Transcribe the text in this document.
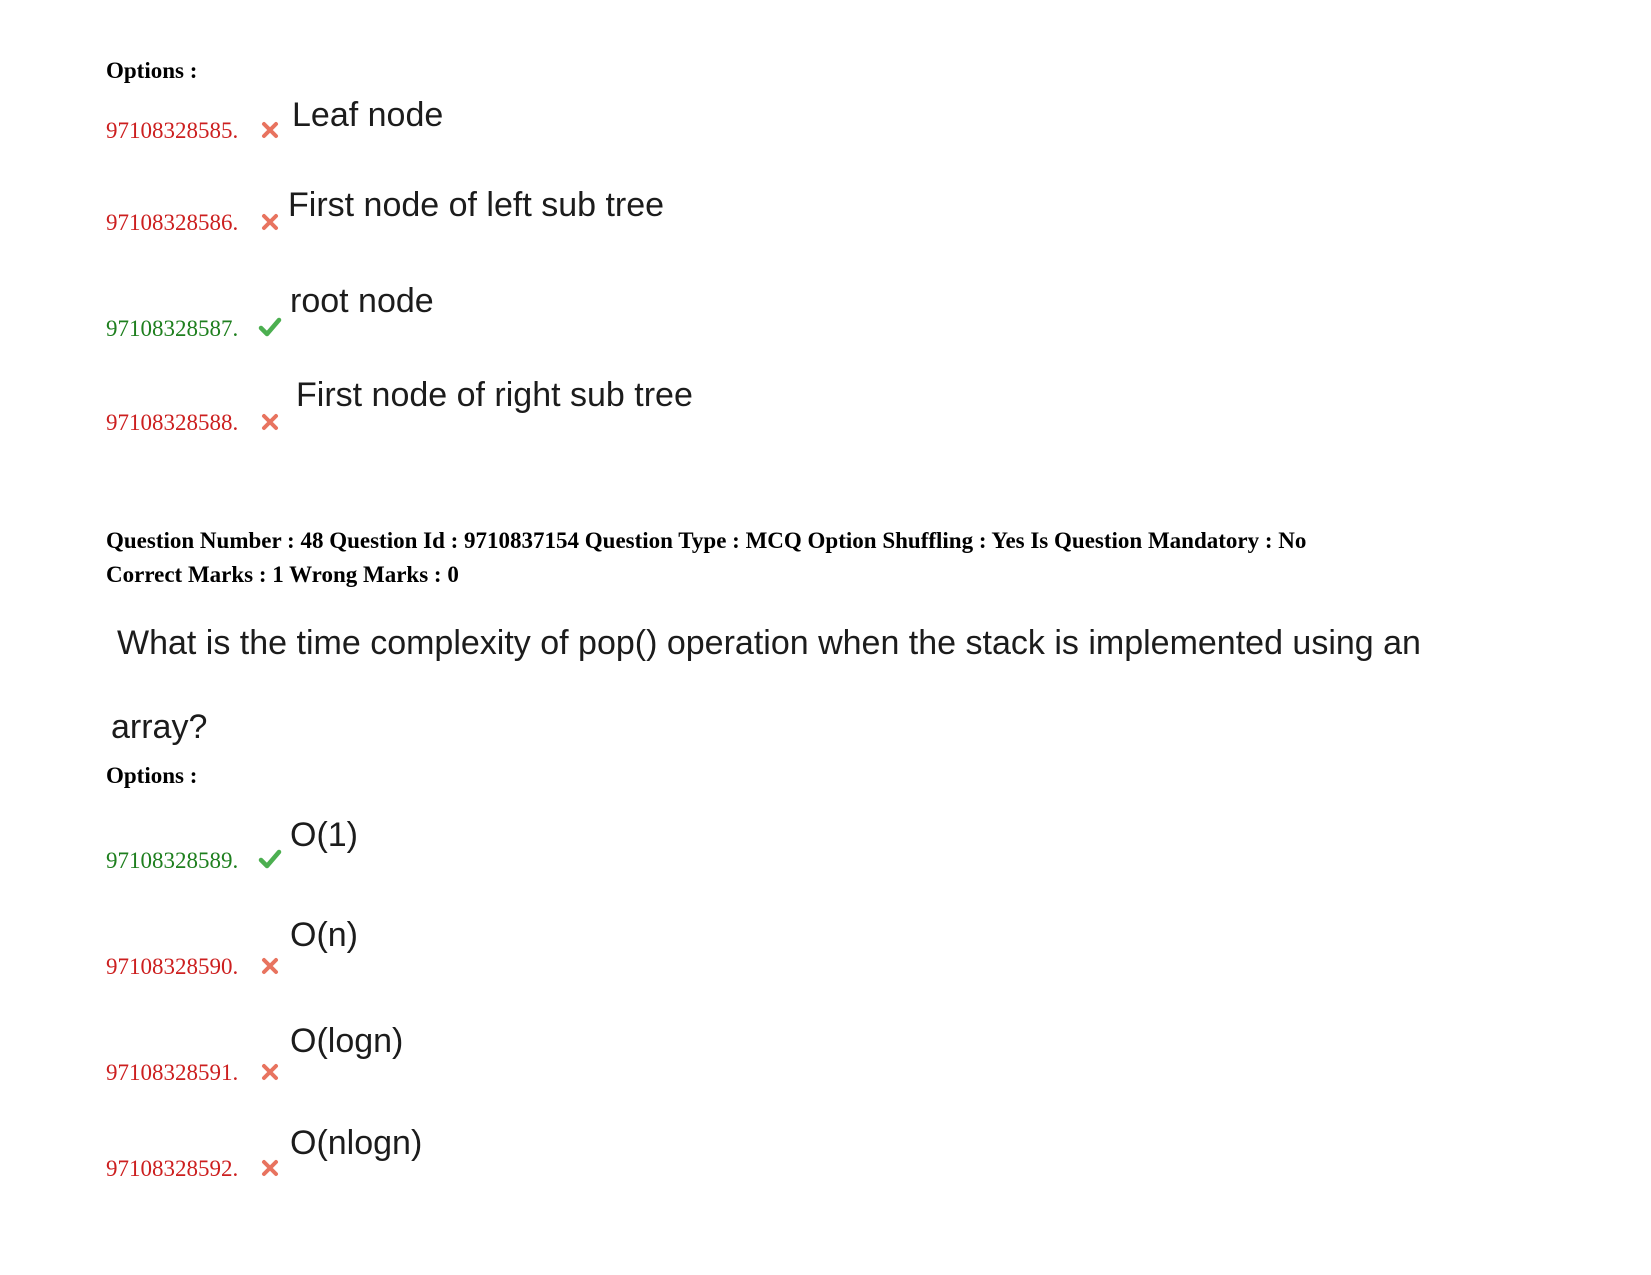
Options :
97108328585. Leaf node
97108328586. First node of left sub tree
97108328587.
root node
97108328588.
First node of right sub tree
Question Number : 48 Question Id : 9710837154 Question Type : MCQ Option Shuffling : Yes Is Question Mandatory : No
Correct Marks : 1 Wrong Marks : 0
What is the time complexity of pop() operation when the stack is implemented using an
array?
Options :
97108328589.
O(1)
97108328590.
O(n)
97108328591.
O(logn)
97108328592.
O(nlogn)
